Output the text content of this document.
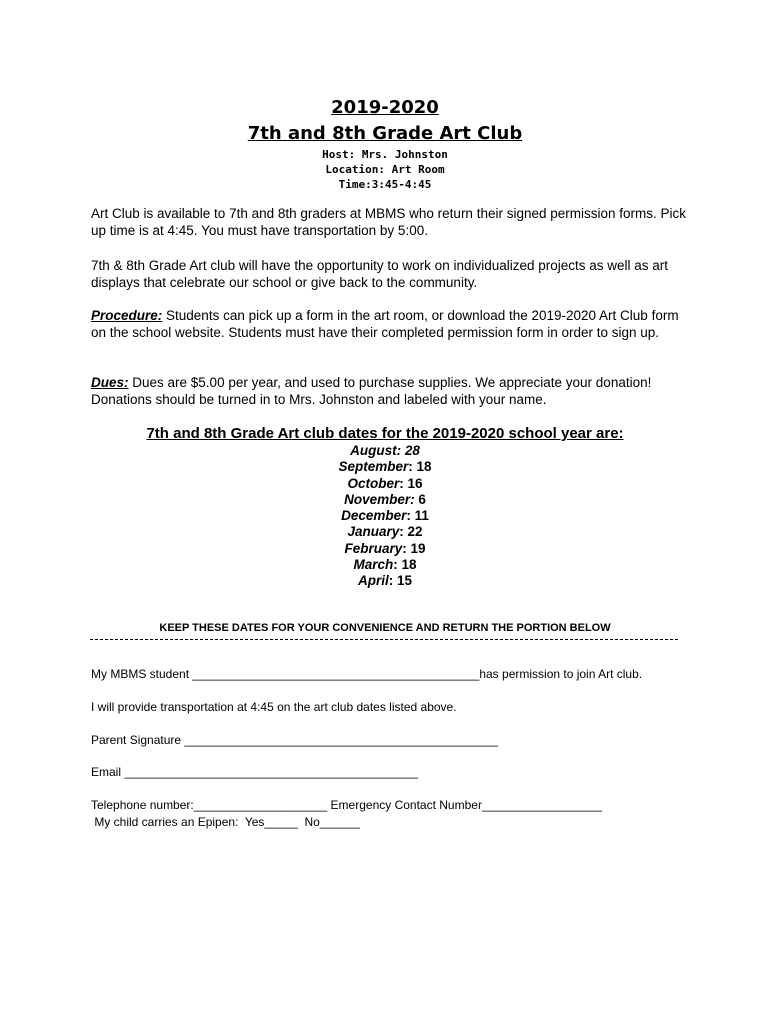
2019-2020
7th and 8th Grade Art Club
Host: Mrs. Johnston
Location: Art Room
Time:3:45-4:45

Art Club is available to 7th and 8th graders at MBMS who return their signed permission forms. Pick up time is at 4:45. You must have transportation by 5:00.

7th & 8th Grade Art club will have the opportunity to work on individualized projects as well as art displays that celebrate our school or give back to the community.

Procedure: Students can pick up a form in the art room, or download the 2019-2020 Art Club form on the school website. Students must have their completed permission form in order to sign up.

Dues: Dues are $5.00 per year, and used to purchase supplies. We appreciate your donation! Donations should be turned in to Mrs. Johnston and labeled with your name.

7th and 8th Grade Art club dates for the 2019-2020 school year are:
August: 28
September: 18
October: 16
November: 6
December: 11
January: 22
February: 19
March: 18
April: 15
KEEP THESE DATES FOR YOUR CONVENIENCE AND RETURN THE PORTION BELOW
My MBMS student ___________________________________________has permission to join Art club.
I will provide transportation at 4:45 on the art club dates listed above.
Parent Signature _______________________________________________
Email ____________________________________________
Telephone number:____________________ Emergency Contact Number__________________
My child carries an Epipen:  Yes_____  No______
